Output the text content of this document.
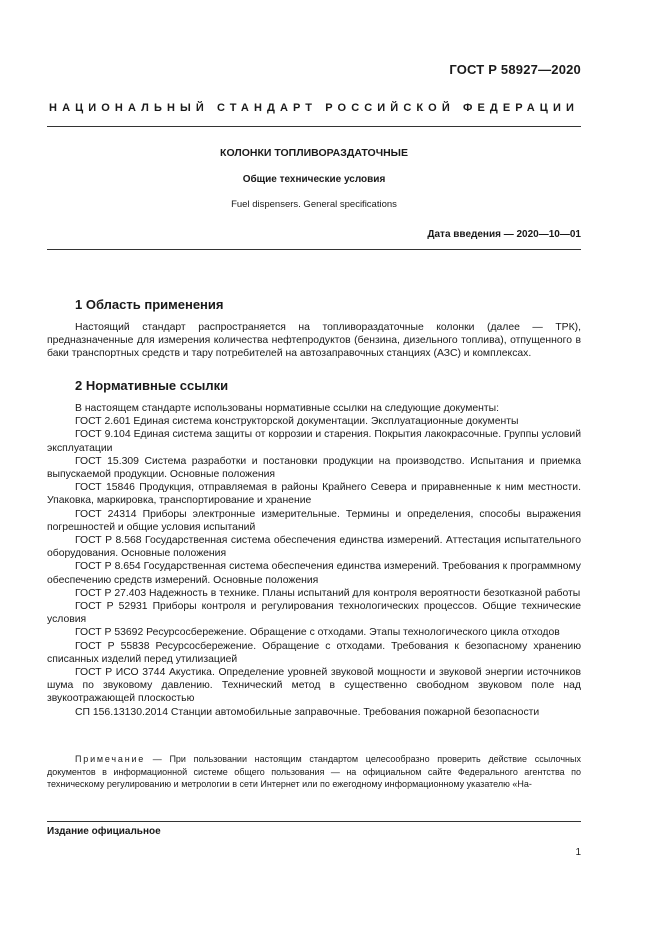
ГОСТ Р 58927—2020
НАЦИОНАЛЬНЫЙ СТАНДАРТ РОССИЙСКОЙ ФЕДЕРАЦИИ
КОЛОНКИ ТОПЛИВОРАЗДАТОЧНЫЕ
Общие технические условия
Fuel dispensers. General specifications
Дата введения — 2020—10—01
1 Область применения

Настоящий стандарт распространяется на топливораздаточные колонки (далее — ТРК), предназначенные для измерения количества нефтепродуктов (бензина, дизельного топлива), отпущенного в баки транспортных средств и тару потребителей на автозаправочных станциях (АЗС) и комплексах.

2 Нормативные ссылки

В настоящем стандарте использованы нормативные ссылки на следующие документы:

ГОСТ 2.601 Единая система конструкторской документации. Эксплуатационные документы

ГОСТ 9.104 Единая система защиты от коррозии и старения. Покрытия лакокрасочные. Группы условий эксплуатации

ГОСТ 15.309 Система разработки и постановки продукции на производство. Испытания и приемка выпускаемой продукции. Основные положения

ГОСТ 15846 Продукция, отправляемая в районы Крайнего Севера и приравненные к ним местности. Упаковка, маркировка, транспортирование и хранение

ГОСТ 24314 Приборы электронные измерительные. Термины и определения, способы выражения погрешностей и общие условия испытаний

ГОСТ Р 8.568 Государственная система обеспечения единства измерений. Аттестация испытательного оборудования. Основные положения

ГОСТ Р 8.654 Государственная система обеспечения единства измерений. Требования к программному обеспечению средств измерений. Основные положения

ГОСТ Р 27.403 Надежность в технике. Планы испытаний для контроля вероятности безотказной работы

ГОСТ Р 52931 Приборы контроля и регулирования технологических процессов. Общие технические условия

ГОСТ Р 53692 Ресурсосбережение. Обращение с отходами. Этапы технологического цикла отходов

ГОСТ Р 55838 Ресурсосбережение. Обращение с отходами. Требования к безопасному хранению списанных изделий перед утилизацией

ГОСТ Р ИСО 3744 Акустика. Определение уровней звуковой мощности и звуковой энергии источников шума по звуковому давлению. Технический метод в существенно свободном звуковом поле над звукоотражающей плоскостью

СП 156.13130.2014 Станции автомобильные заправочные. Требования пожарной безопасности

Примечание — При пользовании настоящим стандартом целесообразно проверить действие ссылочных документов в информационной системе общего пользования — на официальном сайте Федерального агентства по техническому регулированию и метрологии в сети Интернет или по ежегодному информационному указателю «На-
Издание официальное
1
